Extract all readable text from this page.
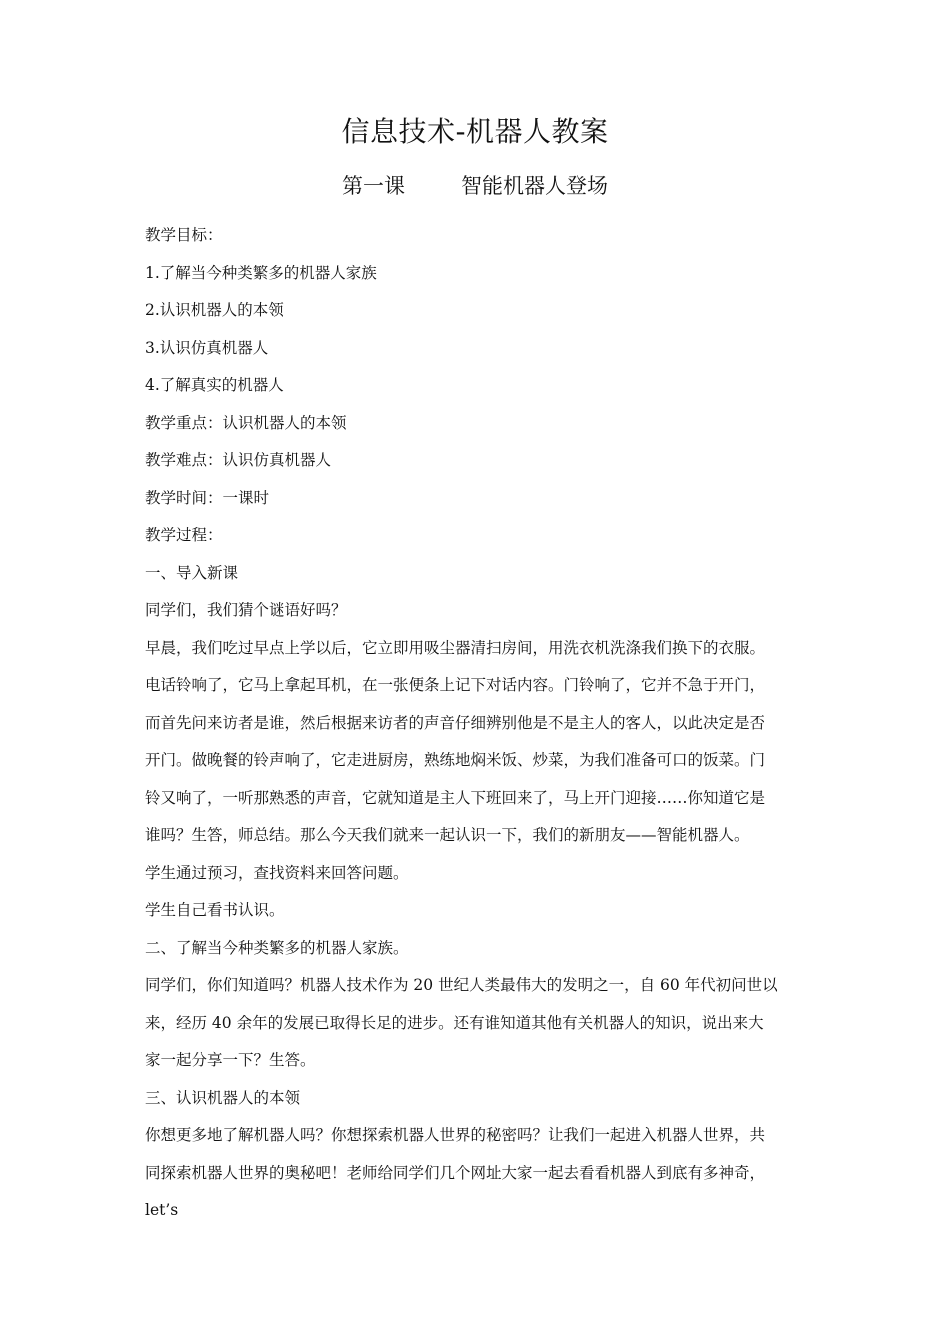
信息技术-机器人教案
第一课	智能机器人登场

教学目标：

1.了解当今种类繁多的机器人家族

2.认识机器人的本领

3.认识仿真机器人

4.了解真实的机器人

教学重点：认识机器人的本领

教学难点：认识仿真机器人

教学时间：一课时

教学过程：

一、导入新课

同学们，我们猜个谜语好吗？

早晨，我们吃过早点上学以后，它立即用吸尘器清扫房间，用洗衣机洗涤我们换下的衣服。

电话铃响了，它马上拿起耳机，在一张便条上记下对话内容。门铃响了，它并不急于开门，

而首先问来访者是谁，然后根据来访者的声音仔细辨别他是不是主人的客人，以此决定是否

开门。做晚餐的铃声响了，它走进厨房，熟练地焖米饭、炒菜，为我们准备可口的饭菜。门

铃又响了，一听那熟悉的声音，它就知道是主人下班回来了，马上开门迎接……你知道它是

谁吗？生答，师总结。那么今天我们就来一起认识一下，我们的新朋友——智能机器人。

学生通过预习，查找资料来回答问题。

学生自己看书认识。

二、了解当今种类繁多的机器人家族。

同学们，你们知道吗？机器人技术作为 20 世纪人类最伟大的发明之一，自 60 年代初问世以

来，经历 40 余年的发展已取得长足的进步。还有谁知道其他有关机器人的知识，说出来大

家一起分享一下？生答。

三、认识机器人的本领

你想更多地了解机器人吗？你想探索机器人世界的秘密吗？让我们一起进入机器人世界，共

同探索机器人世界的奥秘吧！老师给同学们几个网址大家一起去看看机器人到底有多神奇，

let’s
